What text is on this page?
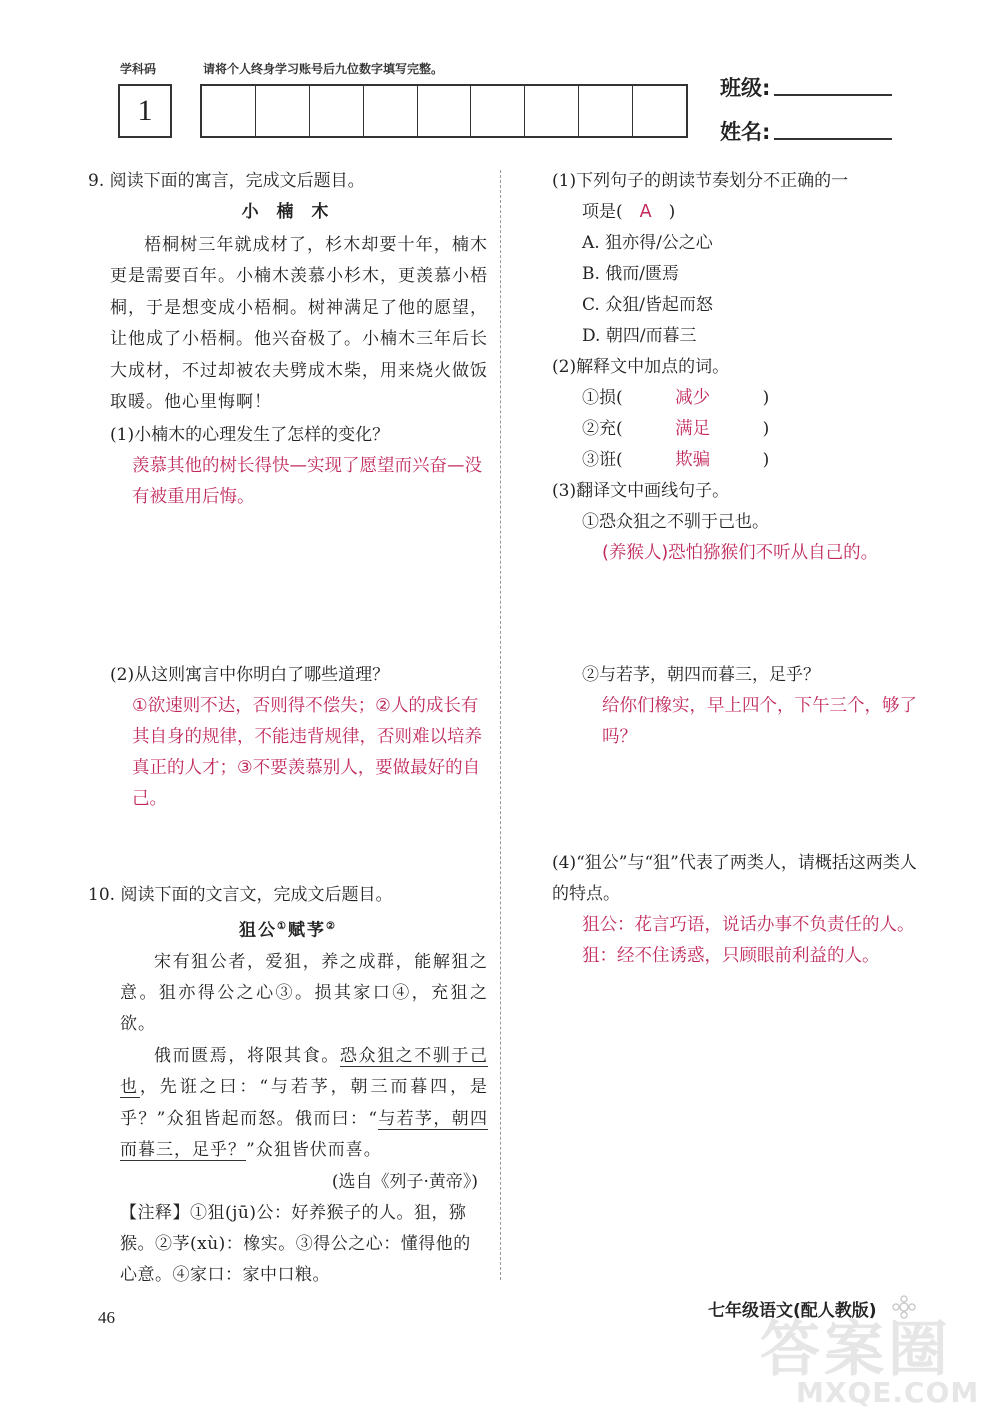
学科码	请将个人终身学习账号后九位数字填写完整。
1
班级:
姓名:

9. 阅读下面的寓言，完成文后题目。

小 楠 木

梧桐树三年就成材了，杉木却要十年，楠木更是需要百年。小楠木羡慕小杉木，更羡慕小梧桐，于是想变成小梧桐。树神满足了他的愿望，让他成了小梧桐。他兴奋极了。小楠木三年后长大成材，不过却被农夫劈成木柴，用来烧火做饭取暖。他心里悔啊！

(1)小楠木的心理发生了怎样的变化？

羡慕其他的树长得快—实现了愿望而兴奋—没有被重用后悔。

(2)从这则寓言中你明白了哪些道理？

①欲速则不达，否则得不偿失；②人的成长有其自身的规律，不能违背规律，否则难以培养真正的人才；③不要羡慕别人，要做最好的自己。

10. 阅读下面的文言文，完成文后题目。

狙公①赋芧②

宋有狙公者，爱狙，养之成群，能解狙之意。狙亦得公之心③。损其家口④，充狙之欲。

俄而匮焉，将限其食。恐众狙之不驯于己也，先诳之曰：“与若芧，朝三而暮四，是乎？”众狙皆起而怒。俄而曰：“与若芧，朝四而暮三，足乎？”众狙皆伏而喜。

(选自《列子·黄帝》)

【注释】①狙(jū)公：好养猴子的人。狙，猕猴。②芧(xù)：橡实。③得公之心：懂得他的心意。④家口：家中口粮。

(1)下列句子的朗读节奏划分不正确的一

项是( A )

A. 狙亦得/公之心

B. 俄而/匮焉

C. 众狙/皆起而怒

D. 朝四/而暮三

(2)解释文中加点的词。

①损(	减少	)

②充(	满足	)

③诳(	欺骗	)

(3)翻译文中画线句子。

①恐众狙之不驯于己也。

(养猴人)恐怕猕猴们不听从自己的。

②与若芧，朝四而暮三，足乎？

给你们橡实，早上四个，下午三个，够了吗？

(4)“狙公”与“狙”代表了两类人，请概括这两类人的特点。

狙公：花言巧语，说话办事不负责任的人。狙：经不住诱惑，只顾眼前利益的人。

46	七年级语文(配人教版)
答案圈
MXQE.COM
